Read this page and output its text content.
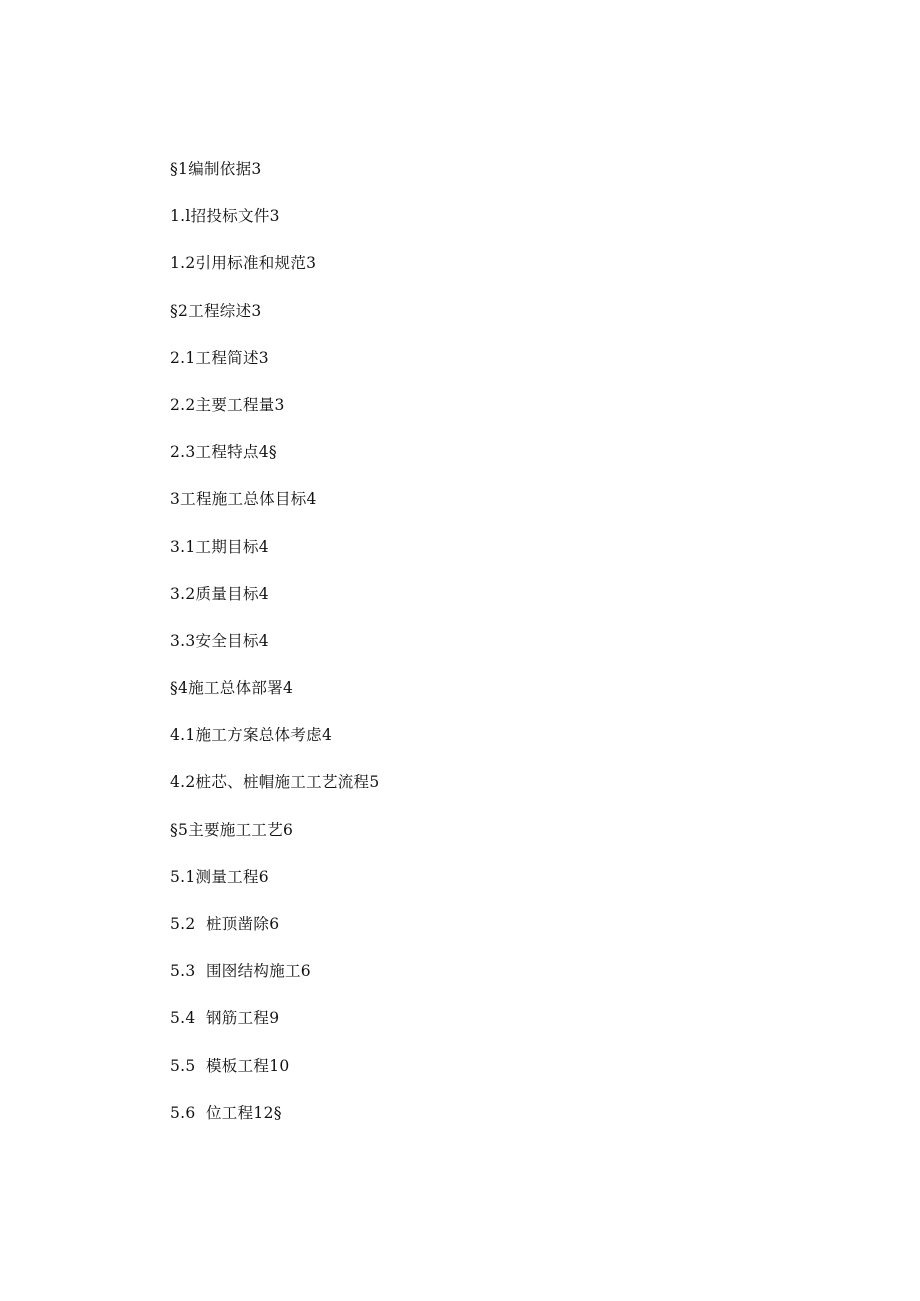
§1编制依据3
1.l招投标文件3
1.2引用标准和规范3
§2工程综述3
2.1工程简述3
2.2主要工程量3
2.3工程特点4§
3工程施工总体目标4
3.1工期目标4
3.2质量目标4
3.3安全目标4
§4施工总体部署4
4.1施工方案总体考虑4
4.2桩芯、桩帽施工工艺流程5
§5主要施工工艺6
5.1测量工程6
5.2  桩顶凿除6
5.3  围囹结构施工6
5.4  钢筋工程9
5.5  模板工程10
5.6  位工程12§
